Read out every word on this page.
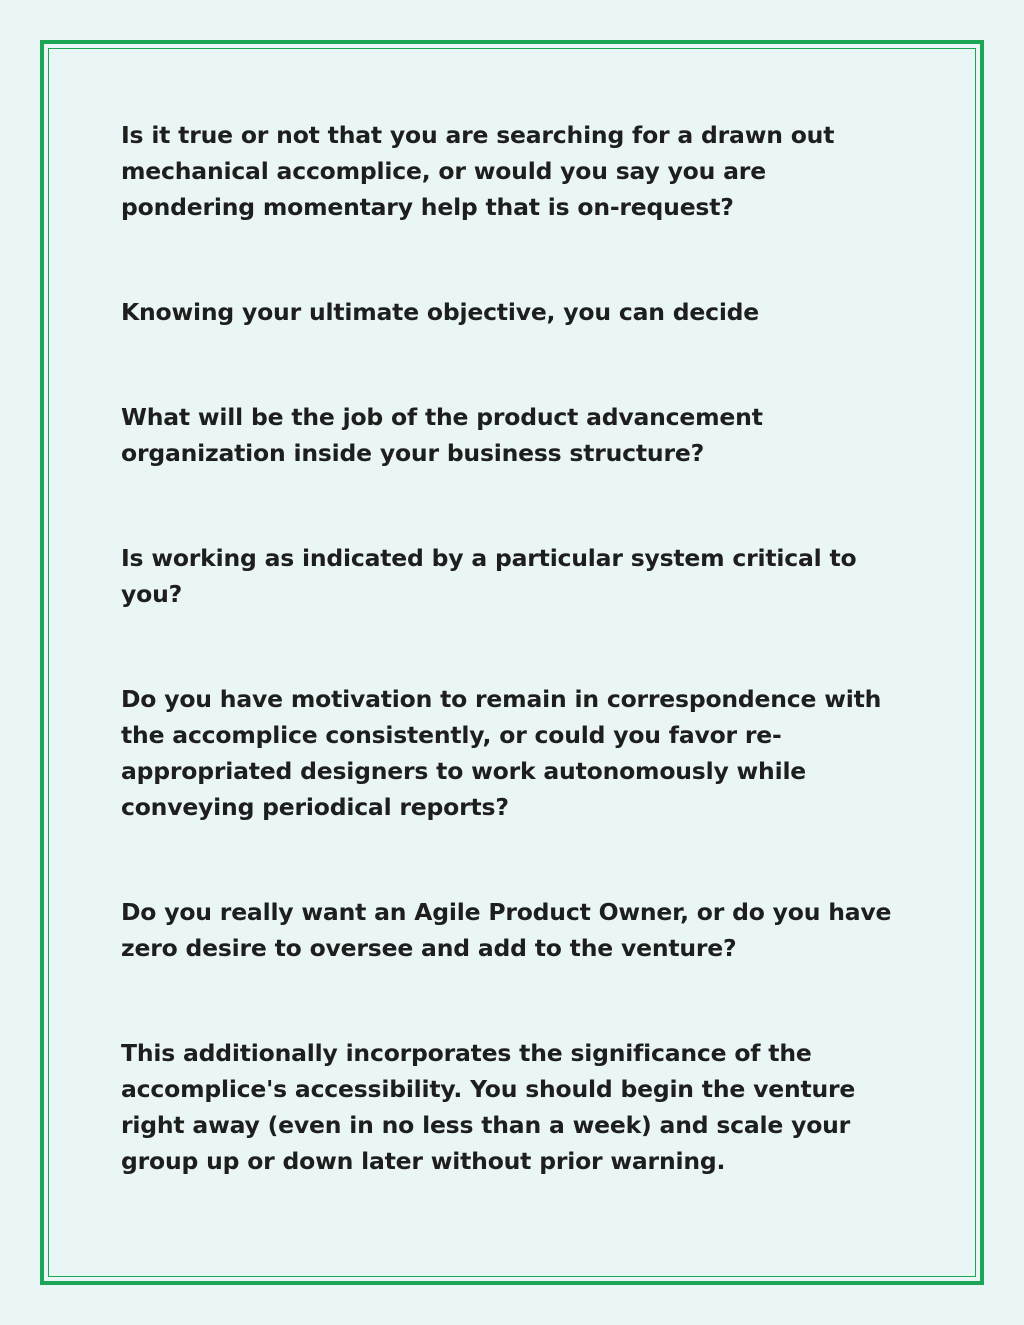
Is it true or not that you are searching for a drawn out
mechanical accomplice, or would you say you are
pondering momentary help that is on-request?

Knowing your ultimate objective, you can decide

What will be the job of the product advancement
organization inside your business structure?

Is working as indicated by a particular system critical to
you?

Do you have motivation to remain in correspondence with
the accomplice consistently, or could you favor re-
appropriated designers to work autonomously while
conveying periodical reports?

Do you really want an Agile Product Owner, or do you have
zero desire to oversee and add to the venture?

This additionally incorporates the significance of the
accomplice's accessibility. You should begin the venture
right away (even in no less than a week) and scale your
group up or down later without prior warning.
